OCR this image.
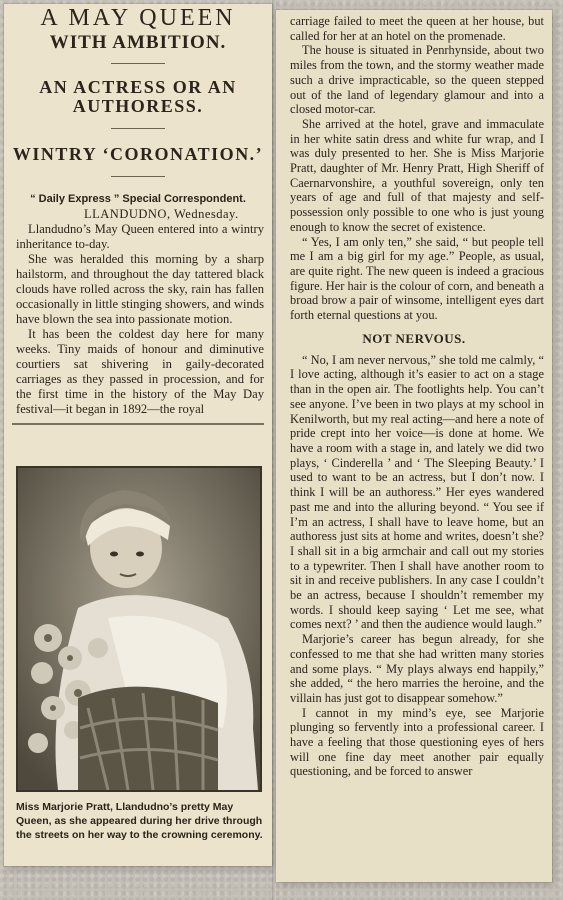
A MAY QUEEN
WITH AMBITION.
AN ACTRESS OR AN AUTHORESS.
WINTRY ‘CORONATION.’
“ Daily Express ” Special Correspondent.
LLANDUDNO, Wednesday.

Llandudno’s May Queen entered into a wintry inheritance to-day.

She was heralded this morning by a sharp hailstorm, and throughout the day tattered black clouds have rolled across the sky, rain has fallen occasionally in little stinging showers, and winds have blown the sea into passionate motion.

It has been the coldest day here for many weeks. Tiny maids of honour and diminutive courtiers sat shivering in gaily-decorated carriages as they passed in procession, and for the first time in the history of the May Day festival—it began in 1892—the royal

Miss Marjorie Pratt, Llandudno’s pretty May Queen, as she appeared during her drive through the streets on her way to the crowning ceremony.

carriage failed to meet the queen at her house, but called for her at an hotel on the promenade.

The house is situated in Penrhynside, about two miles from the town, and the stormy weather made such a drive impracticable, so the queen stepped out of the land of legendary glamour and into a closed motor-car.

She arrived at the hotel, grave and immaculate in her white satin dress and white fur wrap, and I was duly presented to her. She is Miss Marjorie Pratt, daughter of Mr. Henry Pratt, High Sheriff of Caernarvonshire, a youthful sovereign, only ten years of age and full of that majesty and self-possession only possible to one who is just young enough to know the secret of existence.

“ Yes, I am only ten,” she said, “ but people tell me I am a big girl for my age.” People, as usual, are quite right. The new queen is indeed a gracious figure. Her hair is the colour of corn, and beneath a broad brow a pair of winsome, intelligent eyes dart forth eternal questions at you.

NOT NERVOUS.

“ No, I am never nervous,” she told me calmly, “ I love acting, although it’s easier to act on a stage than in the open air. The footlights help. You can’t see anyone. I’ve been in two plays at my school in Kenilworth, but my real acting—and here a note of pride crept into her voice—is done at home. We have a room with a stage in, and lately we did two plays, ‘ Cinderella ’ and ‘ The Sleeping Beauty.’ I used to want to be an actress, but I don’t now. I think I will be an authoress.” Her eyes wandered past me and into the alluring beyond. “ You see if I’m an actress, I shall have to leave home, but an authoress just sits at home and writes, doesn’t she? I shall sit in a big armchair and call out my stories to a typewriter. Then I shall have another room to sit in and receive publishers. In any case I couldn’t be an actress, because I shouldn’t remember my words. I should keep saying ‘ Let me see, what comes next? ’ and then the audience would laugh.”

Marjorie’s career has begun already, for she confessed to me that she had written many stories and some plays. “ My plays always end happily,” she added, “ the hero marries the heroine, and the villain has just got to disappear somehow.”

I cannot in my mind’s eye, see Marjorie plunging so fervently into a professional career. I have a feeling that those questioning eyes of hers will one fine day meet another pair equally questioning, and be forced to answer
